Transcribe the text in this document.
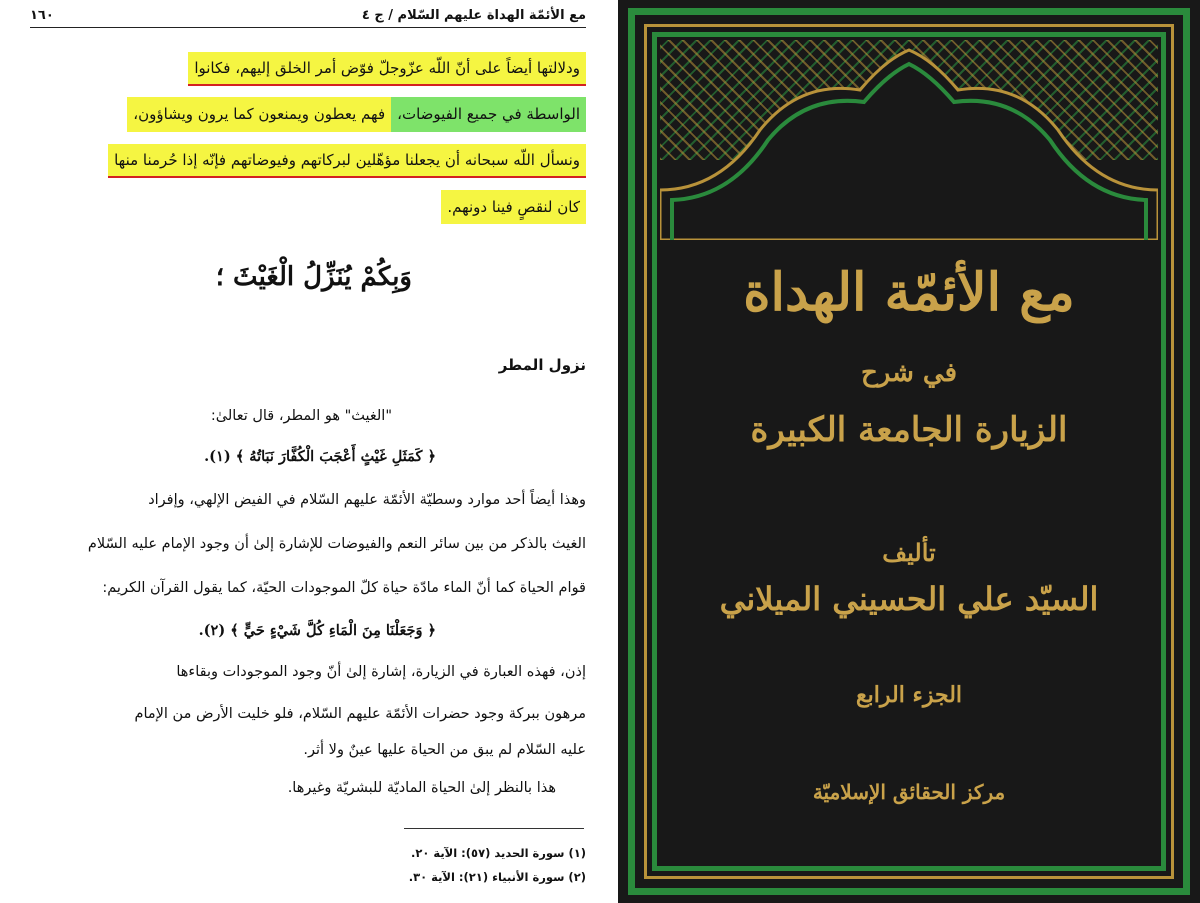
١٦٠	مع الأئمّة الهداة عليهم السّلام / ج ٤
ودلالتها أيضاً على أنّ اللّه عزّوجلّ فوّض أمر الخلق إليهم، فكانوا
الواسطة في جميع الفيوضات،
فهم يعطون ويمنعون كما يرون ويشاؤون،
ونسأل اللّه سبحانه أن يجعلنا مؤهّلين لبركاتهم وفيوضاتهم فإنّه إذا حُرمنا منها
كان لنقصٍ فينا دونهم.
وَبِكُمْ يُنَزِّلُ الْغَيْثَ ؛
نزول المطر
"الغيث" هو المطر، قال تعالىٰ:
﴿ كَمَثَلِ غَيْثٍ أَعْجَبَ الْكُفَّارَ نَبَاتُهُ ﴾ (١).
وهذا أيضاً أحد موارد وسطيّة الأئمّة عليهم السّلام في الفيض الإلهي، وإفراد
الغيث بالذكر من بين سائر النعم والفيوضات للإشارة إلىٰ أن وجود الإمام عليه السّلام
قوام الحياة كما أنّ الماء مادّة حياة كلّ الموجودات الحيّة، كما يقول القرآن الكريم:
﴿ وَجَعَلْنَا مِنَ الْمَاءِ كُلَّ شَيْءٍ حَيٍّ ﴾ (٢).
إذن، فهذه العبارة في الزيارة، إشارة إلىٰ أنّ وجود الموجودات وبقاءها
مرهون ببركة وجود حضرات الأئمّة عليهم السّلام، فلو خليت الأرض من الإمام
عليه السّلام لم يبق من الحياة عليها عينٌ ولا أثر.
هذا بالنظر إلىٰ الحياة الماديّة للبشريّة وغيرها.
(١) سورة الحديد (٥٧): الآية ٢٠.
(٢) سورة الأنبياء (٢١): الآية ٣٠.
مع الأئمّة الهداة
في شرح
الزيارة الجامعة الكبيرة
تأليف
السيّد علي الحسيني الميلاني
الجزء الرابع
مركز الحقائق الإسلاميّة
